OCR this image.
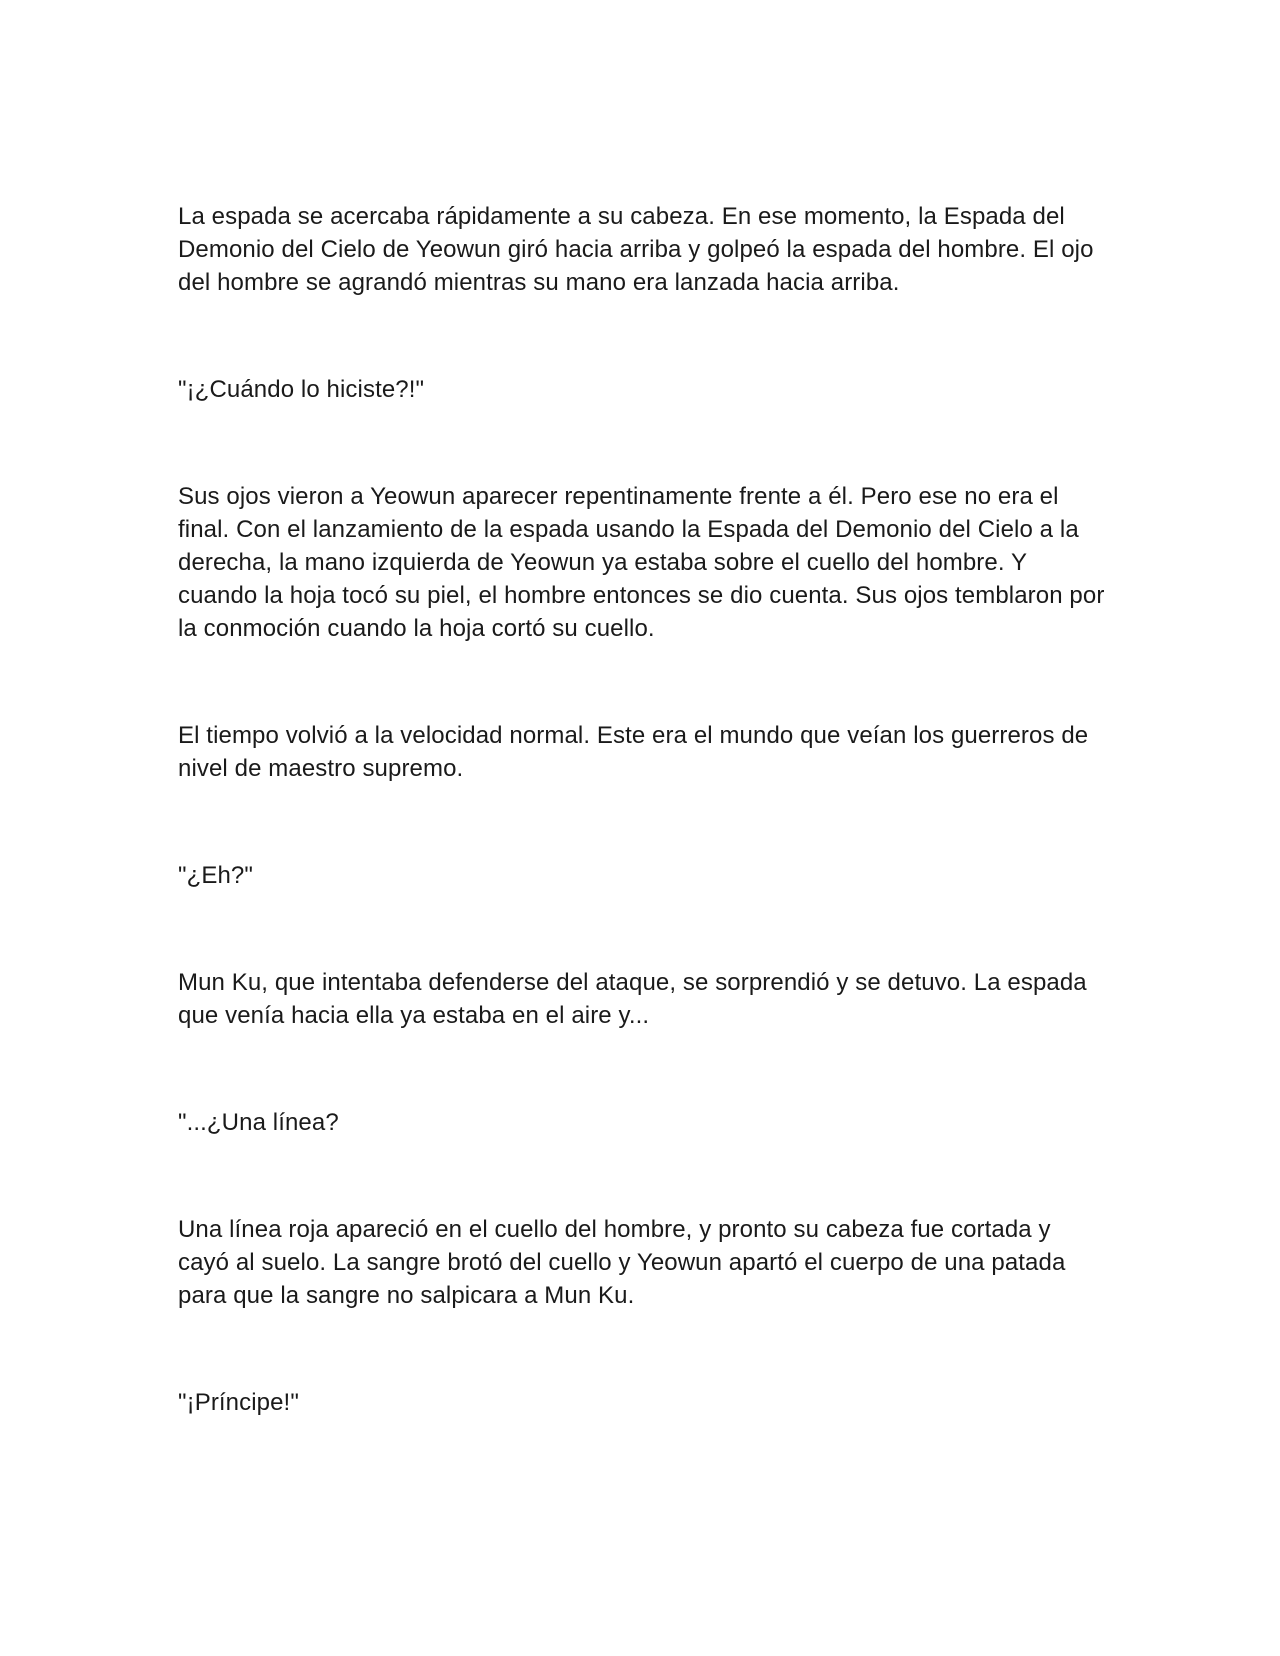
La espada se acercaba rápidamente a su cabeza. En ese momento, la Espada del Demonio del Cielo de Yeowun giró hacia arriba y golpeó la espada del hombre. El ojo del hombre se agrandó mientras su mano era lanzada hacia arriba.

"¡¿Cuándo lo hiciste?!"

Sus ojos vieron a Yeowun aparecer repentinamente frente a él. Pero ese no era el final. Con el lanzamiento de la espada usando la Espada del Demonio del Cielo a la derecha, la mano izquierda de Yeowun ya estaba sobre el cuello del hombre. Y cuando la hoja tocó su piel, el hombre entonces se dio cuenta. Sus ojos temblaron por la conmoción cuando la hoja cortó su cuello.

El tiempo volvió a la velocidad normal. Este era el mundo que veían los guerreros de nivel de maestro supremo.

"¿Eh?"

Mun Ku, que intentaba defenderse del ataque, se sorprendió y se detuvo. La espada que venía hacia ella ya estaba en el aire y...

"...¿Una línea?

Una línea roja apareció en el cuello del hombre, y pronto su cabeza fue cortada y cayó al suelo. La sangre brotó del cuello y Yeowun apartó el cuerpo de una patada para que la sangre no salpicara a Mun Ku.

"¡Príncipe!"
